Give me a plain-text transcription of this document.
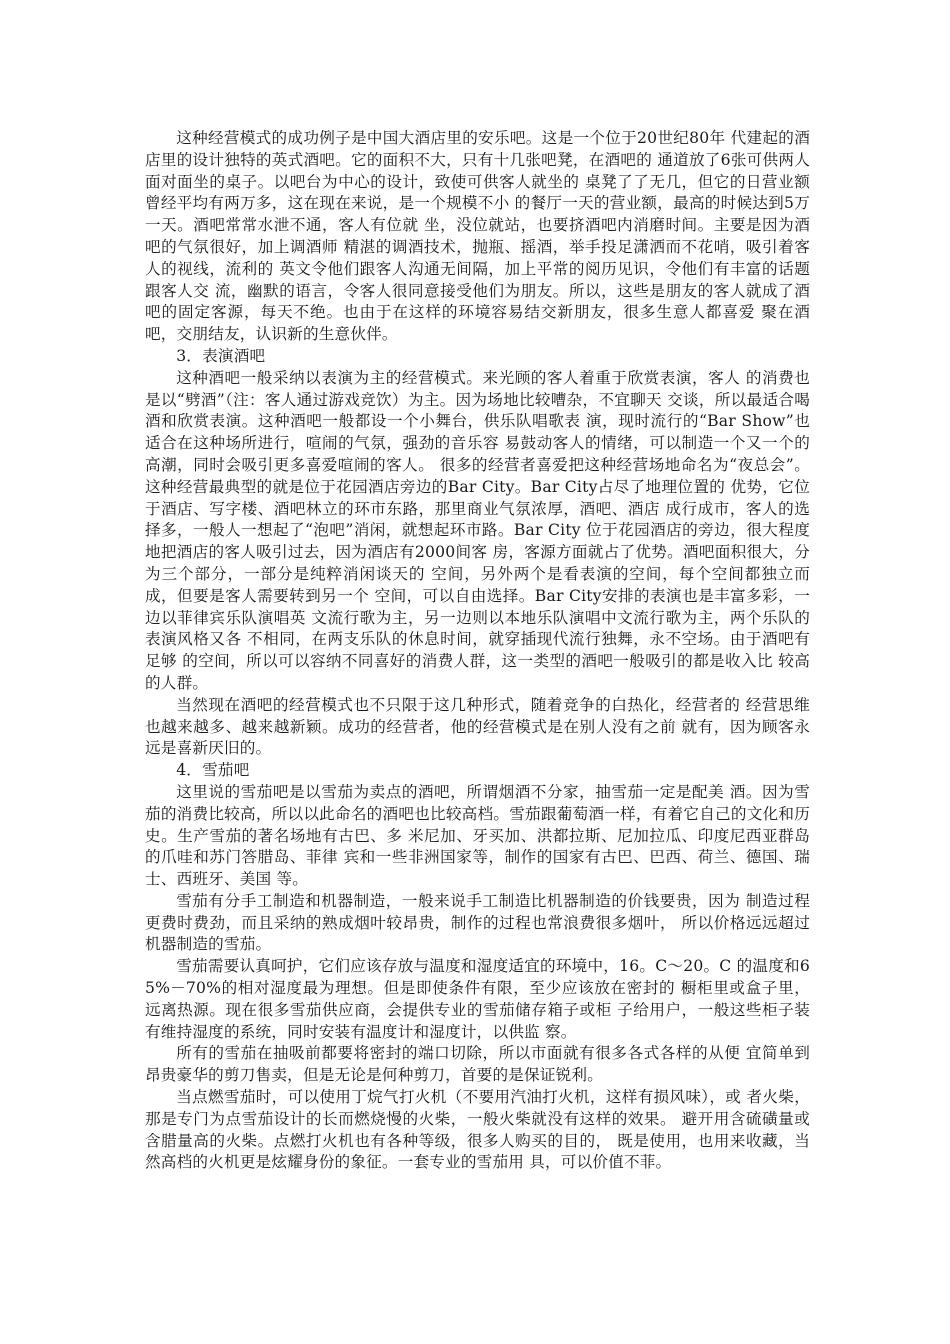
这种经营模式的成功例子是中国大酒店里的安乐吧。这是一个位于20世纪80年 代建起的酒店里的设计独特的英式酒吧。它的面积不大，只有十几张吧凳，在酒吧的 通道放了6张可供两人面对面坐的桌子。以吧台为中心的设计，致使可供客人就坐的 桌凳了了无几，但它的日营业额曾经平均有两万多，这在现在来说，是一个规模不小 的餐厅一天的营业额，最高的时候达到5万一天。酒吧常常水泄不通，客人有位就 坐，没位就站，也要挤酒吧内消磨时间。主要是因为酒吧的气氛很好，加上调酒师 精湛的调酒技术，抛瓶、摇酒，举手投足潇洒而不花哨，吸引着客人的视线，流利的 英文令他们跟客人沟通无间隔，加上平常的阅历见识，令他们有丰富的话题跟客人交 流，幽默的语言，令客人很同意接受他们为朋友。所以，这些是朋友的客人就成了酒 吧的固定客源，每天不绝。也由于在这样的环境容易结交新朋友，很多生意人都喜爱 聚在酒吧，交朋结友，认识新的生意伙伴。

3．表演酒吧

这种酒吧一般采纳以表演为主的经营模式。来光顾的客人着重于欣赏表演，客人 的消费也是以“劈酒”（注：客人通过游戏竞饮）为主。因为场地比较嘈杂，不宜聊天 交谈，所以最适合喝酒和欣赏表演。这种酒吧一般都设一个小舞台，供乐队唱歌表 演，现时流行的“Bar Show”也适合在这种场所进行，喧闹的气氛，强劲的音乐容 易鼓动客人的情绪，可以制造一个又一个的高潮，同时会吸引更多喜爱喧闹的客人。 很多的经营者喜爱把这种经营场地命名为“夜总会”。这种经营最典型的就是位于花园酒店旁边的Bar City。Bar City占尽了地理位置的 优势，它位于酒店、写字楼、酒吧林立的环市东路，那里商业气氛浓厚，酒吧、酒店 成行成市，客人的选择多，一般人一想起了“泡吧”消闲，就想起环市路。Bar City 位于花园酒店的旁边，很大程度地把酒店的客人吸引过去，因为酒店有2000间客 房，客源方面就占了优势。酒吧面积很大，分为三个部分，一部分是纯粹消闲谈天的 空间，另外两个是看表演的空间，每个空间都独立而成，但要是客人需要转到另一个 空间，可以自由选择。Bar City安排的表演也是丰富多彩，一边以菲律宾乐队演唱英 文流行歌为主，另一边则以本地乐队演唱中文流行歌为主，两个乐队的表演风格又各 不相同，在两支乐队的休息时间，就穿插现代流行独舞，永不空场。由于酒吧有足够 的空间，所以可以容纳不同喜好的消费人群，这一类型的酒吧一般吸引的都是收入比 较高的人群。

当然现在酒吧的经营模式也不只限于这几种形式，随着竞争的白热化，经营者的 经营思维也越来越多、越来越新颖。成功的经营者，他的经营模式是在别人没有之前 就有，因为顾客永远是喜新厌旧的。

4．雪茄吧

这里说的雪茄吧是以雪茄为卖点的酒吧，所谓烟酒不分家，抽雪茄一定是配美 酒。因为雪茄的消费比较高，所以以此命名的酒吧也比较高档。雪茄跟葡萄酒一样，有着它自己的文化和历史。生产雪茄的著名场地有古巴、多 米尼加、牙买加、洪都拉斯、尼加拉瓜、印度尼西亚群岛的爪哇和苏门答腊岛、菲律 宾和一些非洲国家等，制作的国家有古巴、巴西、荷兰、德国、瑞士、西班牙、美国 等。

雪茄有分手工制造和机器制造，一般来说手工制造比机器制造的价钱要贵，因为 制造过程更费时费劲，而且采纳的熟成烟叶较昂贵，制作的过程也常浪费很多烟叶， 所以价格远远超过机器制造的雪茄。

雪茄需要认真呵护，它们应该存放与温度和湿度适宜的环境中，16。C～20。C 的温度和65%－70%的相对湿度最为理想。但是即使条件有限，至少应该放在密封的 橱柜里或盒子里，远离热源。现在很多雪茄供应商，会提供专业的雪茄储存箱子或柜 子给用户，一般这些柜子装有维持湿度的系统，同时安装有温度计和湿度计，以供监 察。

所有的雪茄在抽吸前都要将密封的端口切除，所以市面就有很多各式各样的从便 宜简单到昂贵豪华的剪刀售卖，但是无论是何种剪刀，首要的是保证锐利。

当点燃雪茄时，可以使用丁烷气打火机（不要用汽油打火机，这样有损风味），或 者火柴，那是专门为点雪茄设计的长而燃烧慢的火柴，一般火柴就没有这样的效果。 避开用含硫磺量或含腊量高的火柴。点燃打火机也有各种等级，很多人购买的目的， 既是使用，也用来收藏，当然高档的火机更是炫耀身份的象征。一套专业的雪茄用 具，可以价值不菲。
